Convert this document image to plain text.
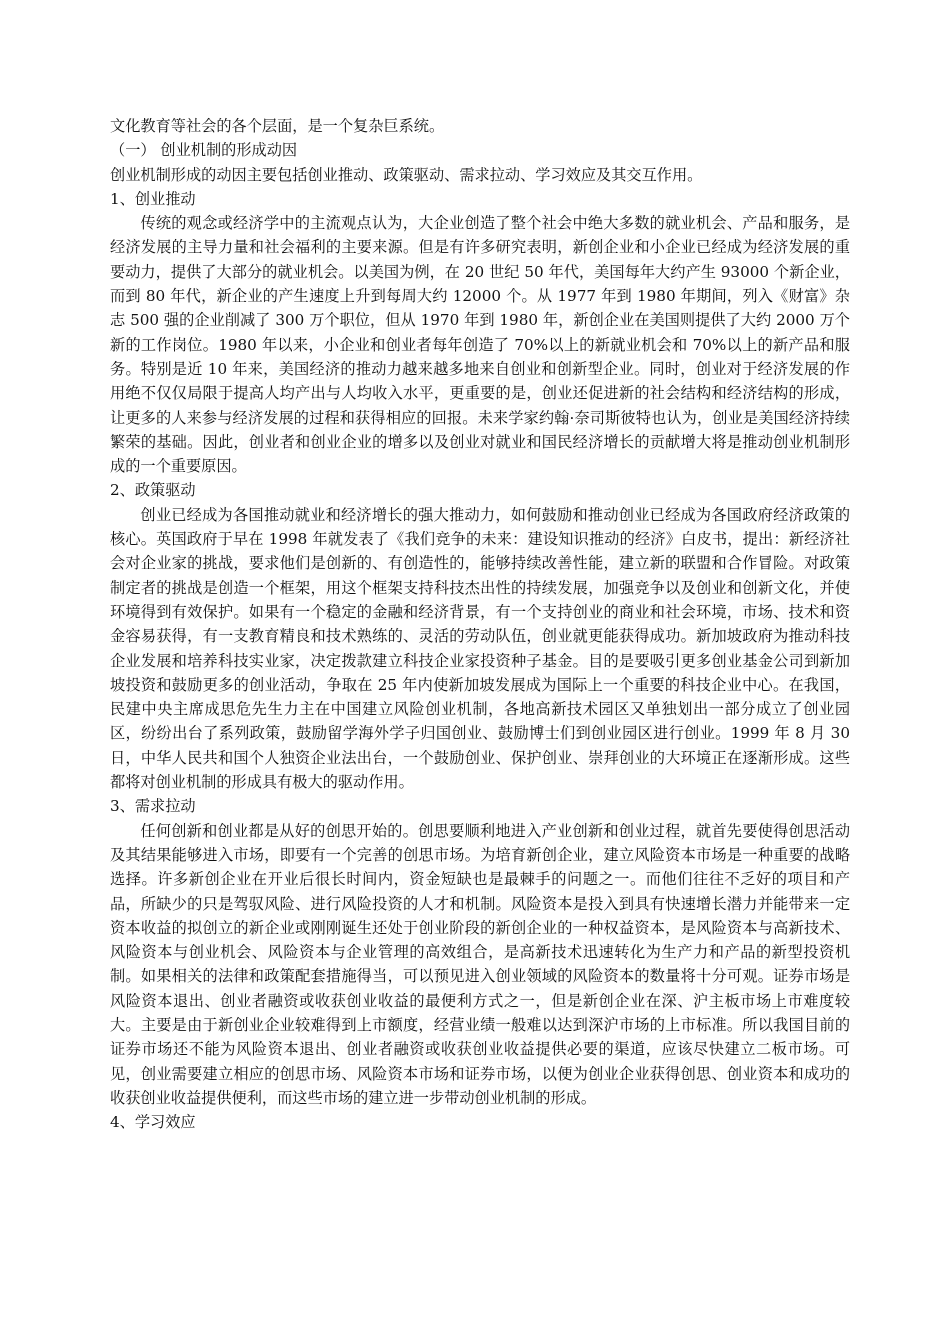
文化教育等社会的各个层面，是一个复杂巨系统。

（一） 创业机制的形成动因

创业机制形成的动因主要包括创业推动、政策驱动、需求拉动、学习效应及其交互作用。

1、创业推动

传统的观念或经济学中的主流观点认为，大企业创造了整个社会中绝大多数的就业机会、产品和服务，是经济发展的主导力量和社会福利的主要来源。但是有许多研究表明，新创企业和小企业已经成为经济发展的重要动力，提供了大部分的就业机会。以美国为例，在 20 世纪 50 年代，美国每年大约产生 93000 个新企业，而到 80 年代，新企业的产生速度上升到每周大约 12000 个。从 1977 年到 1980 年期间，列入《财富》杂志 500 强的企业削减了 300 万个职位，但从 1970 年到 1980 年，新创企业在美国则提供了大约 2000 万个新的工作岗位。1980 年以来，小企业和创业者每年创造了 70%以上的新就业机会和 70%以上的新产品和服务。特别是近 10 年来，美国经济的推动力越来越多地来自创业和创新型企业。同时，创业对于经济发展的作用绝不仅仅局限于提高人均产出与人均收入水平，更重要的是，创业还促进新的社会结构和经济结构的形成，让更多的人来参与经济发展的过程和获得相应的回报。未来学家约翰·奈司斯彼特也认为，创业是美国经济持续繁荣的基础。因此，创业者和创业企业的增多以及创业对就业和国民经济增长的贡献增大将是推动创业机制形成的一个重要原因。

2、政策驱动

创业已经成为各国推动就业和经济增长的强大推动力，如何鼓励和推动创业已经成为各国政府经济政策的核心。英国政府于早在 1998 年就发表了《我们竞争的未来：建设知识推动的经济》白皮书，提出：新经济社会对企业家的挑战，要求他们是创新的、有创造性的，能够持续改善性能，建立新的联盟和合作冒险。对政策制定者的挑战是创造一个框架，用这个框架支持科技杰出性的持续发展，加强竞争以及创业和创新文化，并使环境得到有效保护。如果有一个稳定的金融和经济背景，有一个支持创业的商业和社会环境，市场、技术和资金容易获得，有一支教育精良和技术熟练的、灵活的劳动队伍，创业就更能获得成功。新加坡政府为推动科技企业发展和培养科技实业家，决定拨款建立科技企业家投资种子基金。目的是要吸引更多创业基金公司到新加坡投资和鼓励更多的创业活动，争取在 25 年内使新加坡发展成为国际上一个重要的科技企业中心。在我国，民建中央主席成思危先生力主在中国建立风险创业机制，各地高新技术园区又单独划出一部分成立了创业园区，纷纷出台了系列政策，鼓励留学海外学子归国创业、鼓励博士们到创业园区进行创业。1999 年 8 月 30 日，中华人民共和国个人独资企业法出台，一个鼓励创业、保护创业、崇拜创业的大环境正在逐渐形成。这些都将对创业机制的形成具有极大的驱动作用。

3、需求拉动

任何创新和创业都是从好的创思开始的。创思要顺利地进入产业创新和创业过程，就首先要使得创思活动及其结果能够进入市场，即要有一个完善的创思市场。为培育新创企业，建立风险资本市场是一种重要的战略选择。许多新创企业在开业后很长时间内，资金短缺也是最棘手的问题之一。而他们往往不乏好的项目和产品，所缺少的只是驾驭风险、进行风险投资的人才和机制。风险资本是投入到具有快速增长潜力并能带来一定资本收益的拟创立的新企业或刚刚诞生还处于创业阶段的新创企业的一种权益资本，是风险资本与高新技术、风险资本与创业机会、风险资本与企业管理的高效组合，是高新技术迅速转化为生产力和产品的新型投资机制。如果相关的法律和政策配套措施得当，可以预见进入创业领域的风险资本的数量将十分可观。证券市场是风险资本退出、创业者融资或收获创业收益的最便利方式之一，但是新创企业在深、沪主板市场上市难度较大。主要是由于新创业企业较难得到上市额度，经营业绩一般难以达到深沪市场的上市标准。所以我国目前的证券市场还不能为风险资本退出、创业者融资或收获创业收益提供必要的渠道，应该尽快建立二板市场。可见，创业需要建立相应的创思市场、风险资本市场和证券市场，以便为创业企业获得创思、创业资本和成功的收获创业收益提供便利，而这些市场的建立进一步带动创业机制的形成。

4、学习效应
